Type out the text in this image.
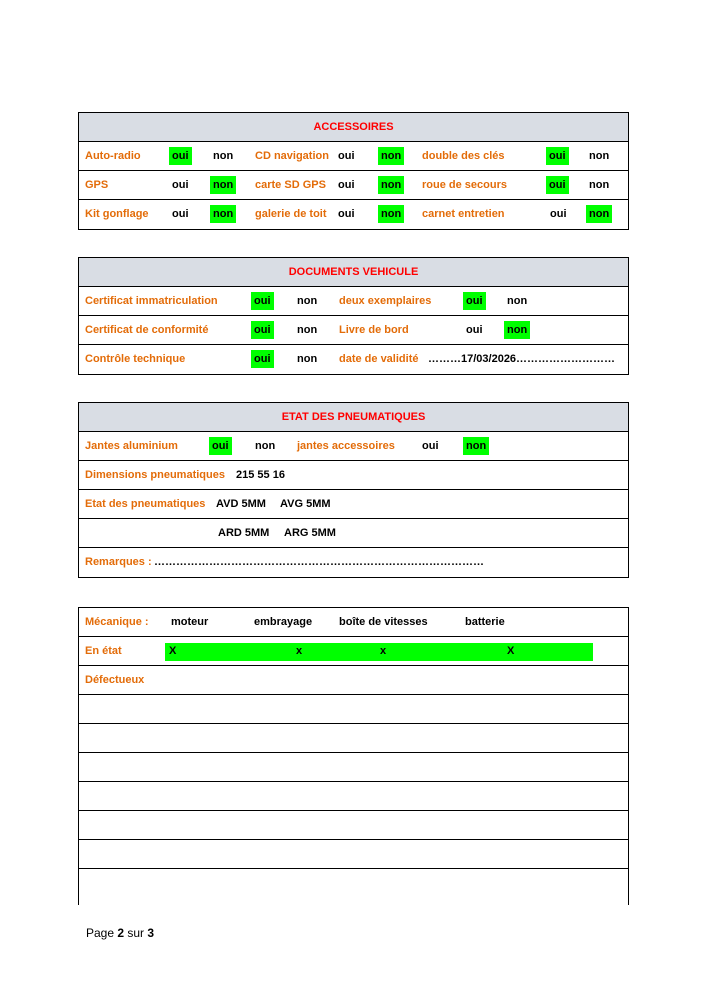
ACCESSOIRES
Auto-radio	oui non CD navigation oui non double des clés	oui non
GPS	oui non carte SD GPS oui non roue de secours	oui non
Kit gonflage oui non galerie de toit oui non carnet entretien	oui non
DOCUMENTS VEHICULE
Certificat immatriculation	oui non deux exemplaires	oui non
Certificat de conformité	oui non Livre de bord	oui non
Contrôle technique	oui non date de validité ………17/03/2026………………………
ETAT DES PNEUMATIQUES
Jantes aluminium	oui non jantes accessoires oui	non
Dimensions pneumatiques 215 55 16
Etat des pneumatiques AVD 5MM AVG 5MM
ARD 5MM ARG 5MM
Remarques : ………………………………………………………………………………
Mécanique : moteur	embrayage boîte de vitesses	batterie
En état	X	x	x	X
Défectueux
Page 2 sur 3
